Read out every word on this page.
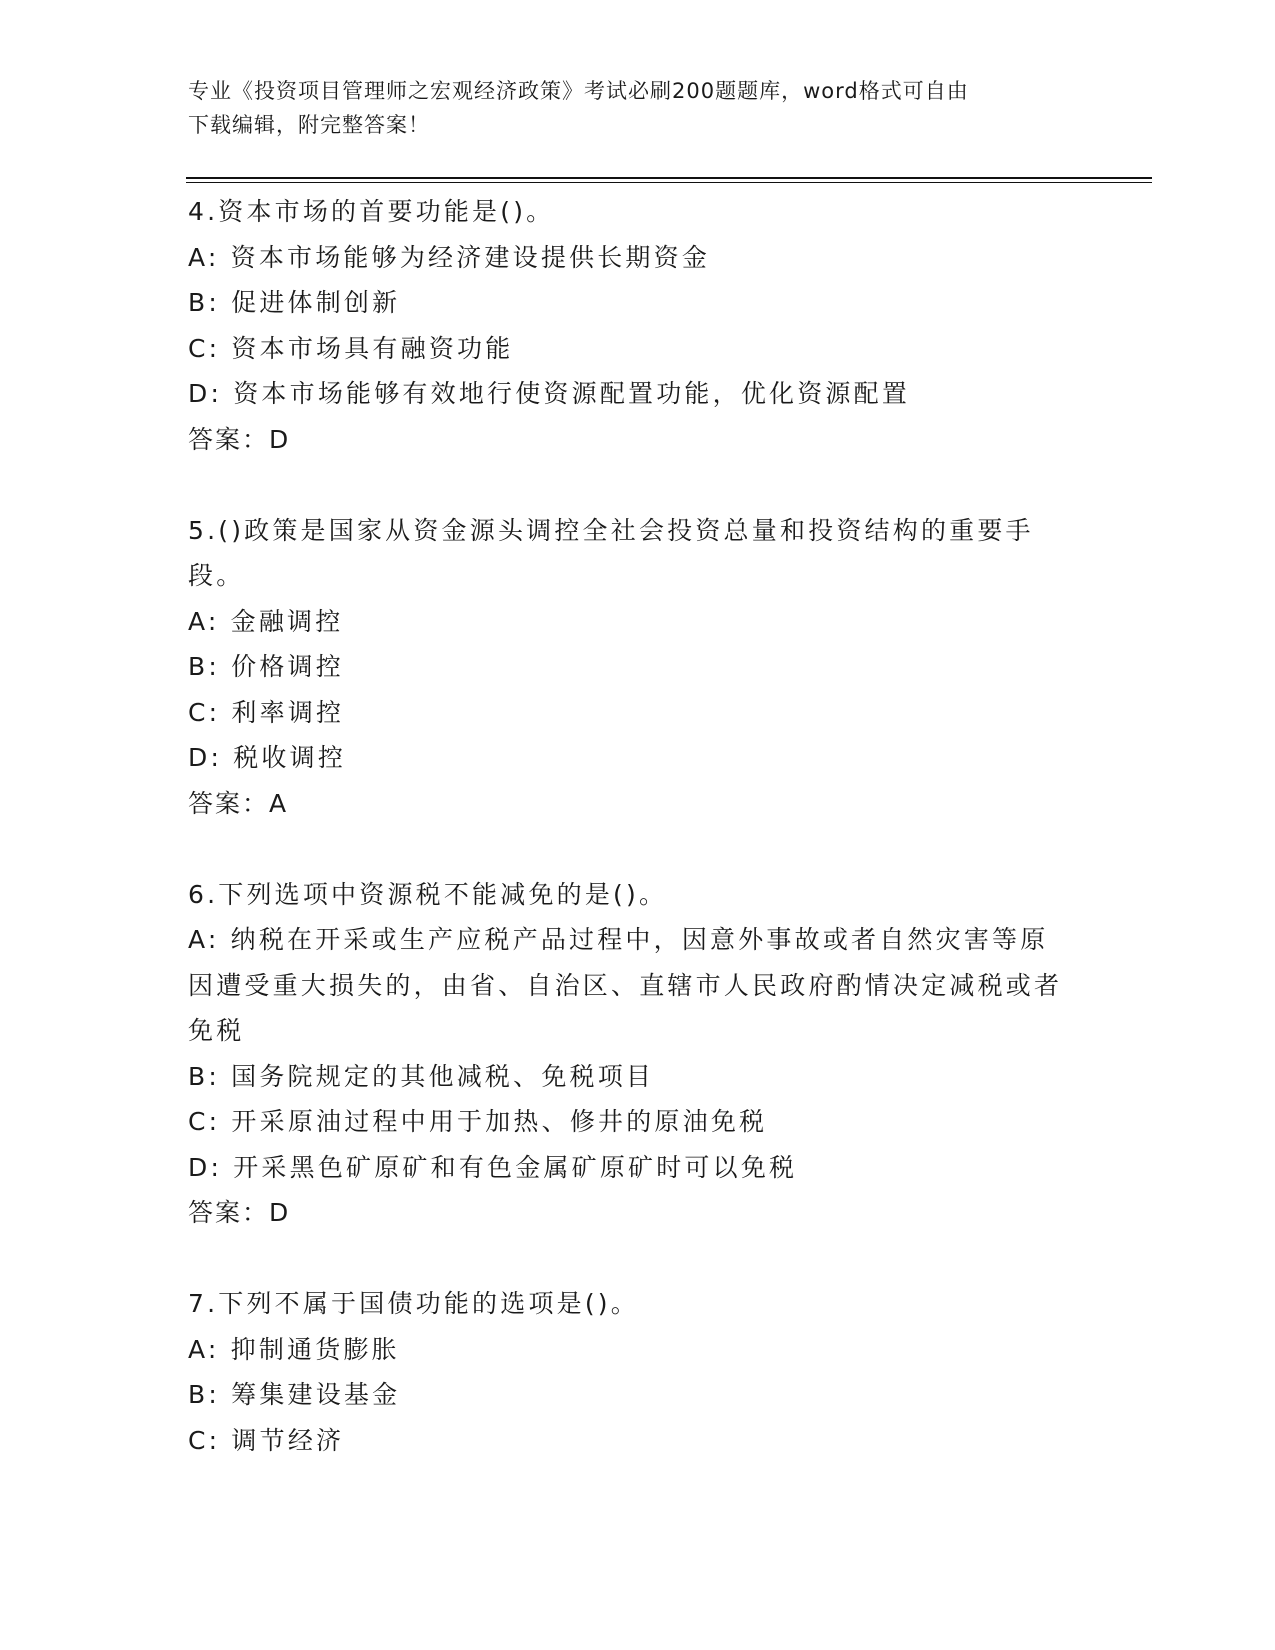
专业《投资项目管理师之宏观经济政策》考试必刷200题题库，word格式可自由
下载编辑，附完整答案！
4.资本市场的首要功能是()。
A: 资本市场能够为经济建设提供长期资金
B: 促进体制创新
C: 资本市场具有融资功能
D: 资本市场能够有效地行使资源配置功能，优化资源配置
答案：D
5.()政策是国家从资金源头调控全社会投资总量和投资结构的重要手段。
A: 金融调控
B: 价格调控
C: 利率调控
D: 税收调控
答案：A
6.下列选项中资源税不能减免的是()。
A: 纳税在开采或生产应税产品过程中，因意外事故或者自然灾害等原因遭受重大损失的，由省、自治区、直辖市人民政府酌情决定减税或者免税
B: 国务院规定的其他减税、免税项目
C: 开采原油过程中用于加热、修井的原油免税
D: 开采黑色矿原矿和有色金属矿原矿时可以免税
答案：D
7.下列不属于国债功能的选项是()。
A: 抑制通货膨胀
B: 筹集建设基金
C: 调节经济
